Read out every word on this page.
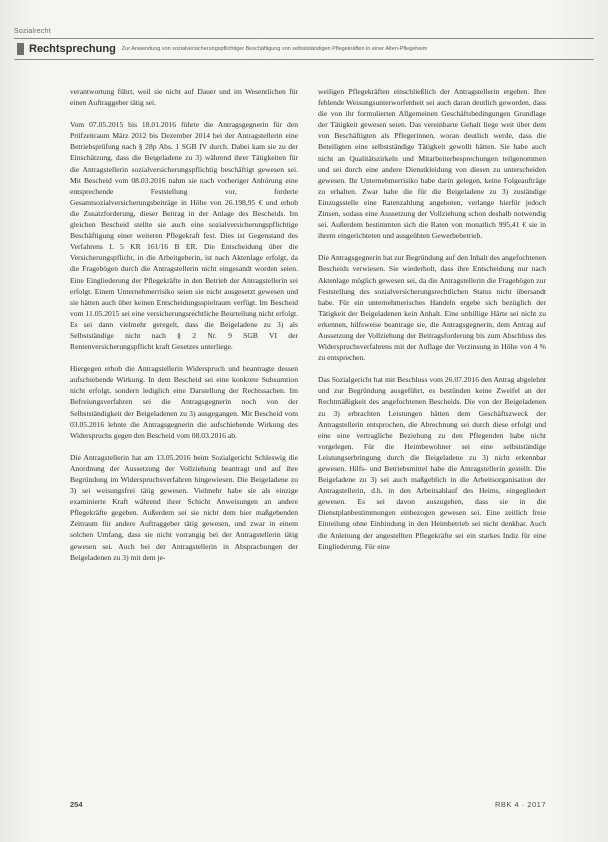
Sozialrecht
Rechtsprechung Zur Anwendung von sozialversicherungspflichtiger Beschäftigung von selbstständigen Pflegekräften in einer Alten-Pflegeheim

verantwortung führt, weil sie nicht auf Dauer und im Wesentlichen für einen Auftraggeber tätig sei.

Vom 07.05.2015 bis 18.01.2016 führte die Antragsgegnerin für den Prüfzeitraum März 2012 bis Dezember 2014 bei der Antragstellerin eine Betriebsprüfung nach § 28p Abs. 1 SGB IV durch. Dabei kam sie zu der Einschätzung, dass die Beigeladene zu 3) während ihrer Tätigkeiten für die Antragstellerin sozialversicherungspflichtig beschäftigt gewesen sei. Mit Bescheid vom 08.03.2016 nahm sie nach vorheriger Anhörung eine entsprechende Feststellung vor, forderte Gesamtsozialversicherungsbeiträge in Höhe von 26.198,95 € und erhob die Zusatzforderung, dieser Beitrag in der Anlage des Bescheids. Im gleichen Bescheid stellte sie auch eine sozialversicherungspflichtige Beschäftigung einer weiteren Pflegekraft fest. Dies ist Gegenstand des Verfahrens L 5 KR 161/16 B ER. Die Entscheidung über die Versicherungspflicht, in die Arbeitgeberin, ist nach Aktenlage erfolgt, da die Fragebögen durch die Antragstellerin nicht eingesandt worden seien. Eine Eingliederung der Pflegekräfte in den Betrieb der Antragstellerin sei erfolgt. Einem Unternehmerrisiko seien sie nicht ausgesetzt gewesen und sie hätten auch über keinen Entscheidungsspielraum verfügt. Im Bescheid vom 11.05.2015 sei eine versicherungsrechtliche Beurteilung nicht erfolgt. Es sei dann vielmehr geregelt, dass die Beigeladene zu 3) als Selbstständige nicht nach § 2 Nr. 9 SGB VI der Rentenversicherungspflicht kraft Gesetzes unterliege.

Hiergegen erhob die Antragstellerin Widerspruch und beantragte dessen aufschiebende Wirkung. In dem Bescheid sei eine konkrete Subsumtion nicht erfolgt, sondern lediglich eine Darstellung der Rechtssachen. Im Befreiungsverfahren sei die Antragsgegnerin noch von der Selbstständigkeit der Beigeladenen zu 3) ausgegangen. Mit Bescheid vom 03.05.2016 lehnte die Antragsgegnerin die aufschiebende Wirkung des Widerspruchs gegen den Bescheid vom 08.03.2016 ab.

Die Antragstellerin hat am 13.05.2016 beim Sozialgericht Schleswig die Anordnung der Aussetzung der Vollziehung beantragt und auf ihre Begründung im Widerspruchsverfahren hingewiesen. Die Beigeladene zu 3) sei weisungsfrei tätig gewesen. Vielmehr habe sie als einzige examinierte Kraft während ihrer Schicht Anweisungen an andere Pflegekräfte gegeben. Außerdem sei sie nicht dem hier maßgebenden Zeitraum für andere Auftraggeber tätig gewesen, und zwar in einem solchen Umfang, dass sie nicht vorrangig bei der Antragstellerin tätig gewesen sei. Auch bei der Antragstellerin in Absprachungen der Beigeladenen zu 3) mit dem je-

weiligen Pflegekräften einschließlich der Antragstellerin ergeben. Ihre fehlende Weisungsunterworfenheit sei auch daran deutlich geworden, dass die von ihr formulierten Allgemeinen Geschäftsbedingungen Grundlage der Tätigkeit gewesen seien. Das vereinbarte Gehalt liege weit über dem von Beschäftigten als Pflegerinnen, woran deutlich werde, dass die Beteiligten eine selbstständige Tätigkeit gewollt hätten. Sie habe auch nicht an Qualitätszirkeln und Mitarbeiterbesprechungen teilgenommen und sei durch eine andere Dienstkleidung von diesen zu unterscheiden gewesen. Ihr Unternehmerrisiko habe darin gelegen, keine Folgeaufträge zu erhalten. Zwar habe die für die Beigeladene zu 3) zuständige Einzugsstelle eine Ratenzahlung angeboten, verlange hierfür jedoch Zinsen, sodass eine Aussetzung der Vollziehung schon deshalb notwendig sei. Außerdem bestimmten sich die Raten von monatlich 995,41 € sie in ihrem eingerichteten und ausgeübten Gewerbebetrieb.

Die Antragsgegnerin hat zur Begründung auf den Inhalt des angefochtenen Bescheids verwiesen. Sie wiederholt, dass ihre Entscheidung nur nach Aktenlage möglich gewesen sei, da die Antragstellerin die Fragebögen zur Feststellung des sozialversicherungsrechtlichen Status nicht übersandt habe. Für ein unternehmerisches Handeln ergebe sich bezüglich der Tätigkeit der Beigeladenen kein Anhalt. Eine unbillige Härte sei nicht zu erkennen, hilfsweise beantrage sie, die Antragsgegnerin, dem Antrag auf Aussetzung der Vollziehung der Beitragsforderung bis zum Abschluss des Widerspruchsverfahrens mit der Auflage der Verzinsung in Höhe von 4 % zu entsprechen.

Das Sozialgericht hat mit Beschluss vom 26.07.2016 den Antrag abgelehnt und zur Begründung ausgeführt, es bestünden keine Zweifel an der Rechtmäßigkeit des angefochtenen Bescheids. Die von der Beigeladenen zu 3) erbrachten Leistungen hätten dem Geschäftszweck der Antragstellerin entsprochen, die Abrechnung sei durch diese erfolgt und eine eine vertragliche Beziehung zu den Pflegenden habe nicht vorgelegen. Für die Heimbewohner sei eine selbstständige Leistungserbringung durch die Beigeladene zu 3) nicht erkennbar gewesen. Hilfs- und Betriebsmittel habe die Antragstellerin gestellt. Die Beigeladene zu 3) sei auch maßgeblich in die Arbeitsorganisation der Antragstellerin, d.h. in den Arbeitsablauf des Heims, eingegliedert gewesen. Es sei davon auszugehen, dass sie in die Dienstplanbestimmungen einbezogen gewesen sei. Eine zeitlich freie Einteilung ohne Einbindung in den Heimbetrieb sei nicht denkbar. Auch die Anleitung der angestellten Pflegekräfte sei ein starkes Indiz für eine Eingliederung. Für eine

254	RBK 4 · 2017
